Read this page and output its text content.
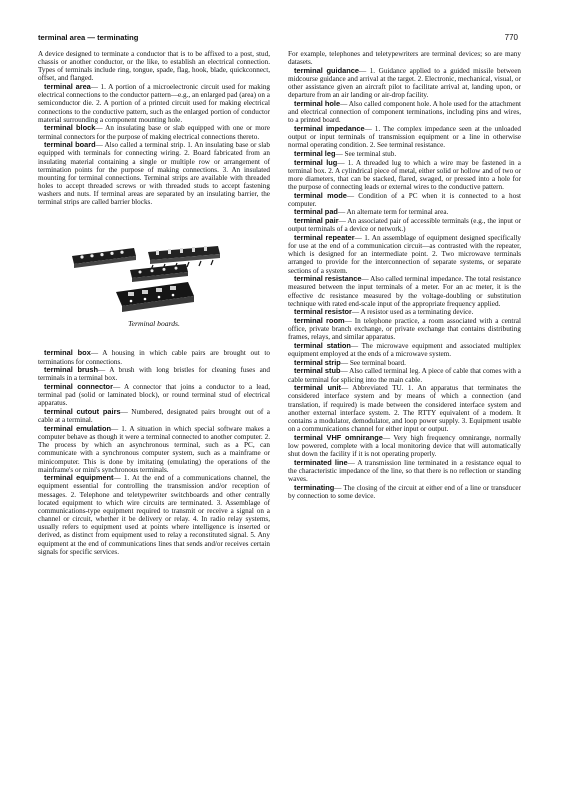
terminal area — terminating	770

A device designed to terminate a conductor that is to be affixed to a post, stud, chassis or another conductor, or the like, to establish an electrical connection. Types of terminals include ring, tongue, spade, flag, hook, blade, quickconnect, offset, and flanged.

terminal area— 1. A portion of a microelectronic circuit used for making electrical connections to the conductor pattern—e.g., an enlarged pad (area) on a semiconductor die. 2. A portion of a printed circuit used for making electrical connections to the conductive pattern, such as the enlarged portion of conductor material surrounding a component mounting hole.

terminal block— An insulating base or slab equipped with one or more terminal connectors for the purpose of making electrical connections thereto.

terminal board— Also called a terminal strip. 1. An insulating base or slab equipped with terminals for connecting wiring. 2. Board fabricated from an insulating material containing a single or multiple row or arrangement of termination points for the purpose of making connections. 3. An insulated mounting for terminal connections. Terminal strips are available with threaded holes to accept threaded screws or with threaded studs to accept fastening washers and nuts. If terminal areas are separated by an insulating barrier, the terminal strips are called barrier blocks.

Terminal boards.

terminal box— A housing in which cable pairs are brought out to terminations for connections.

terminal brush— A brush with long bristles for cleaning fuses and terminals in a terminal box.

terminal connector— A connector that joins a conductor to a lead, terminal pad (solid or laminated block), or round terminal stud of electrical apparatus.

terminal cutout pairs— Numbered, designated pairs brought out of a cable at a terminal.

terminal emulation— 1. A situation in which special software makes a computer behave as though it were a terminal connected to another computer. 2. The process by which an asynchronous terminal, such as a PC, can communicate with a synchronous computer system, such as a mainframe or minicomputer. This is done by imitating (emulating) the operations of the mainframe's or mini's synchronous terminals.

terminal equipment— 1. At the end of a communications channel, the equipment essential for controlling the transmission and/or reception of messages. 2. Telephone and teletypewriter switchboards and other centrally located equipment to which wire circuits are terminated. 3. Assemblage of communications-type equipment required to transmit or receive a signal on a channel or circuit, whether it be delivery or relay. 4. In radio relay systems, usually refers to equipment used at points where intelligence is inserted or derived, as distinct from equipment used to relay a reconstituted signal. 5. Any equipment at the end of communications lines that sends and/or receives certain signals for specific services.

For example, telephones and teletypewriters are terminal devices; so are many datasets.

terminal guidance— 1. Guidance applied to a guided missile between midcourse guidance and arrival at the target. 2. Electronic, mechanical, visual, or other assistance given an aircraft pilot to facilitate arrival at, landing upon, or departure from an air landing or air-drop facility.

terminal hole— Also called component hole. A hole used for the attachment and electrical connection of component terminations, including pins and wires, to a printed board.

terminal impedance— 1. The complex impedance seen at the unloaded output or input terminals of transmission equipment or a line in otherwise normal operating condition. 2. See terminal resistance.

terminal leg— See terminal stub.

terminal lug— 1. A threaded lug to which a wire may be fastened in a terminal box. 2. A cylindrical piece of metal, either solid or hollow and of two or more diameters, that can be stacked, flared, swaged, or pressed into a hole for the purpose of connecting leads or external wires to the conductive pattern.

terminal mode— Condition of a PC when it is connected to a host computer.

terminal pad— An alternate term for terminal area.

terminal pair— An associated pair of accessible terminals (e.g., the input or output terminals of a device or network.)

terminal repeater— 1. An assemblage of equipment designed specifically for use at the end of a communication circuit—as contrasted with the repeater, which is designed for an intermediate point. 2. Two microwave terminals arranged to provide for the interconnection of separate systems, or separate sections of a system.

terminal resistance— Also called terminal impedance. The total resistance measured between the input terminals of a meter. For an ac meter, it is the effective dc resistance measured by the voltage-doubling or substitution technique with rated end-scale input of the appropriate frequency applied.

terminal resistor— A resistor used as a terminating device.

terminal room— In telephone practice, a room associated with a central office, private branch exchange, or private exchange that contains distributing frames, relays, and similar apparatus.

terminal station— The microwave equipment and associated multiplex equipment employed at the ends of a microwave system.

terminal strip— See terminal board.

terminal stub— Also called terminal leg. A piece of cable that comes with a cable terminal for splicing into the main cable.

terminal unit— Abbreviated TU. 1. An apparatus that terminates the considered interface system and by means of which a connection (and translation, if required) is made between the considered interface system and another external interface system. 2. The RTTY equivalent of a modem. It contains a modulator, demodulator, and loop power supply. 3. Equipment usable on a communications channel for either input or output.

terminal VHF omnirange— Very high frequency omnirange, normally low powered, complete with a local monitoring device that will automatically shut down the facility if it is not operating properly.

terminated line— A transmission line terminated in a resistance equal to the characteristic impedance of the line, so that there is no reflection or standing waves.

terminating— The closing of the circuit at either end of a line or transducer by connection to some device.
